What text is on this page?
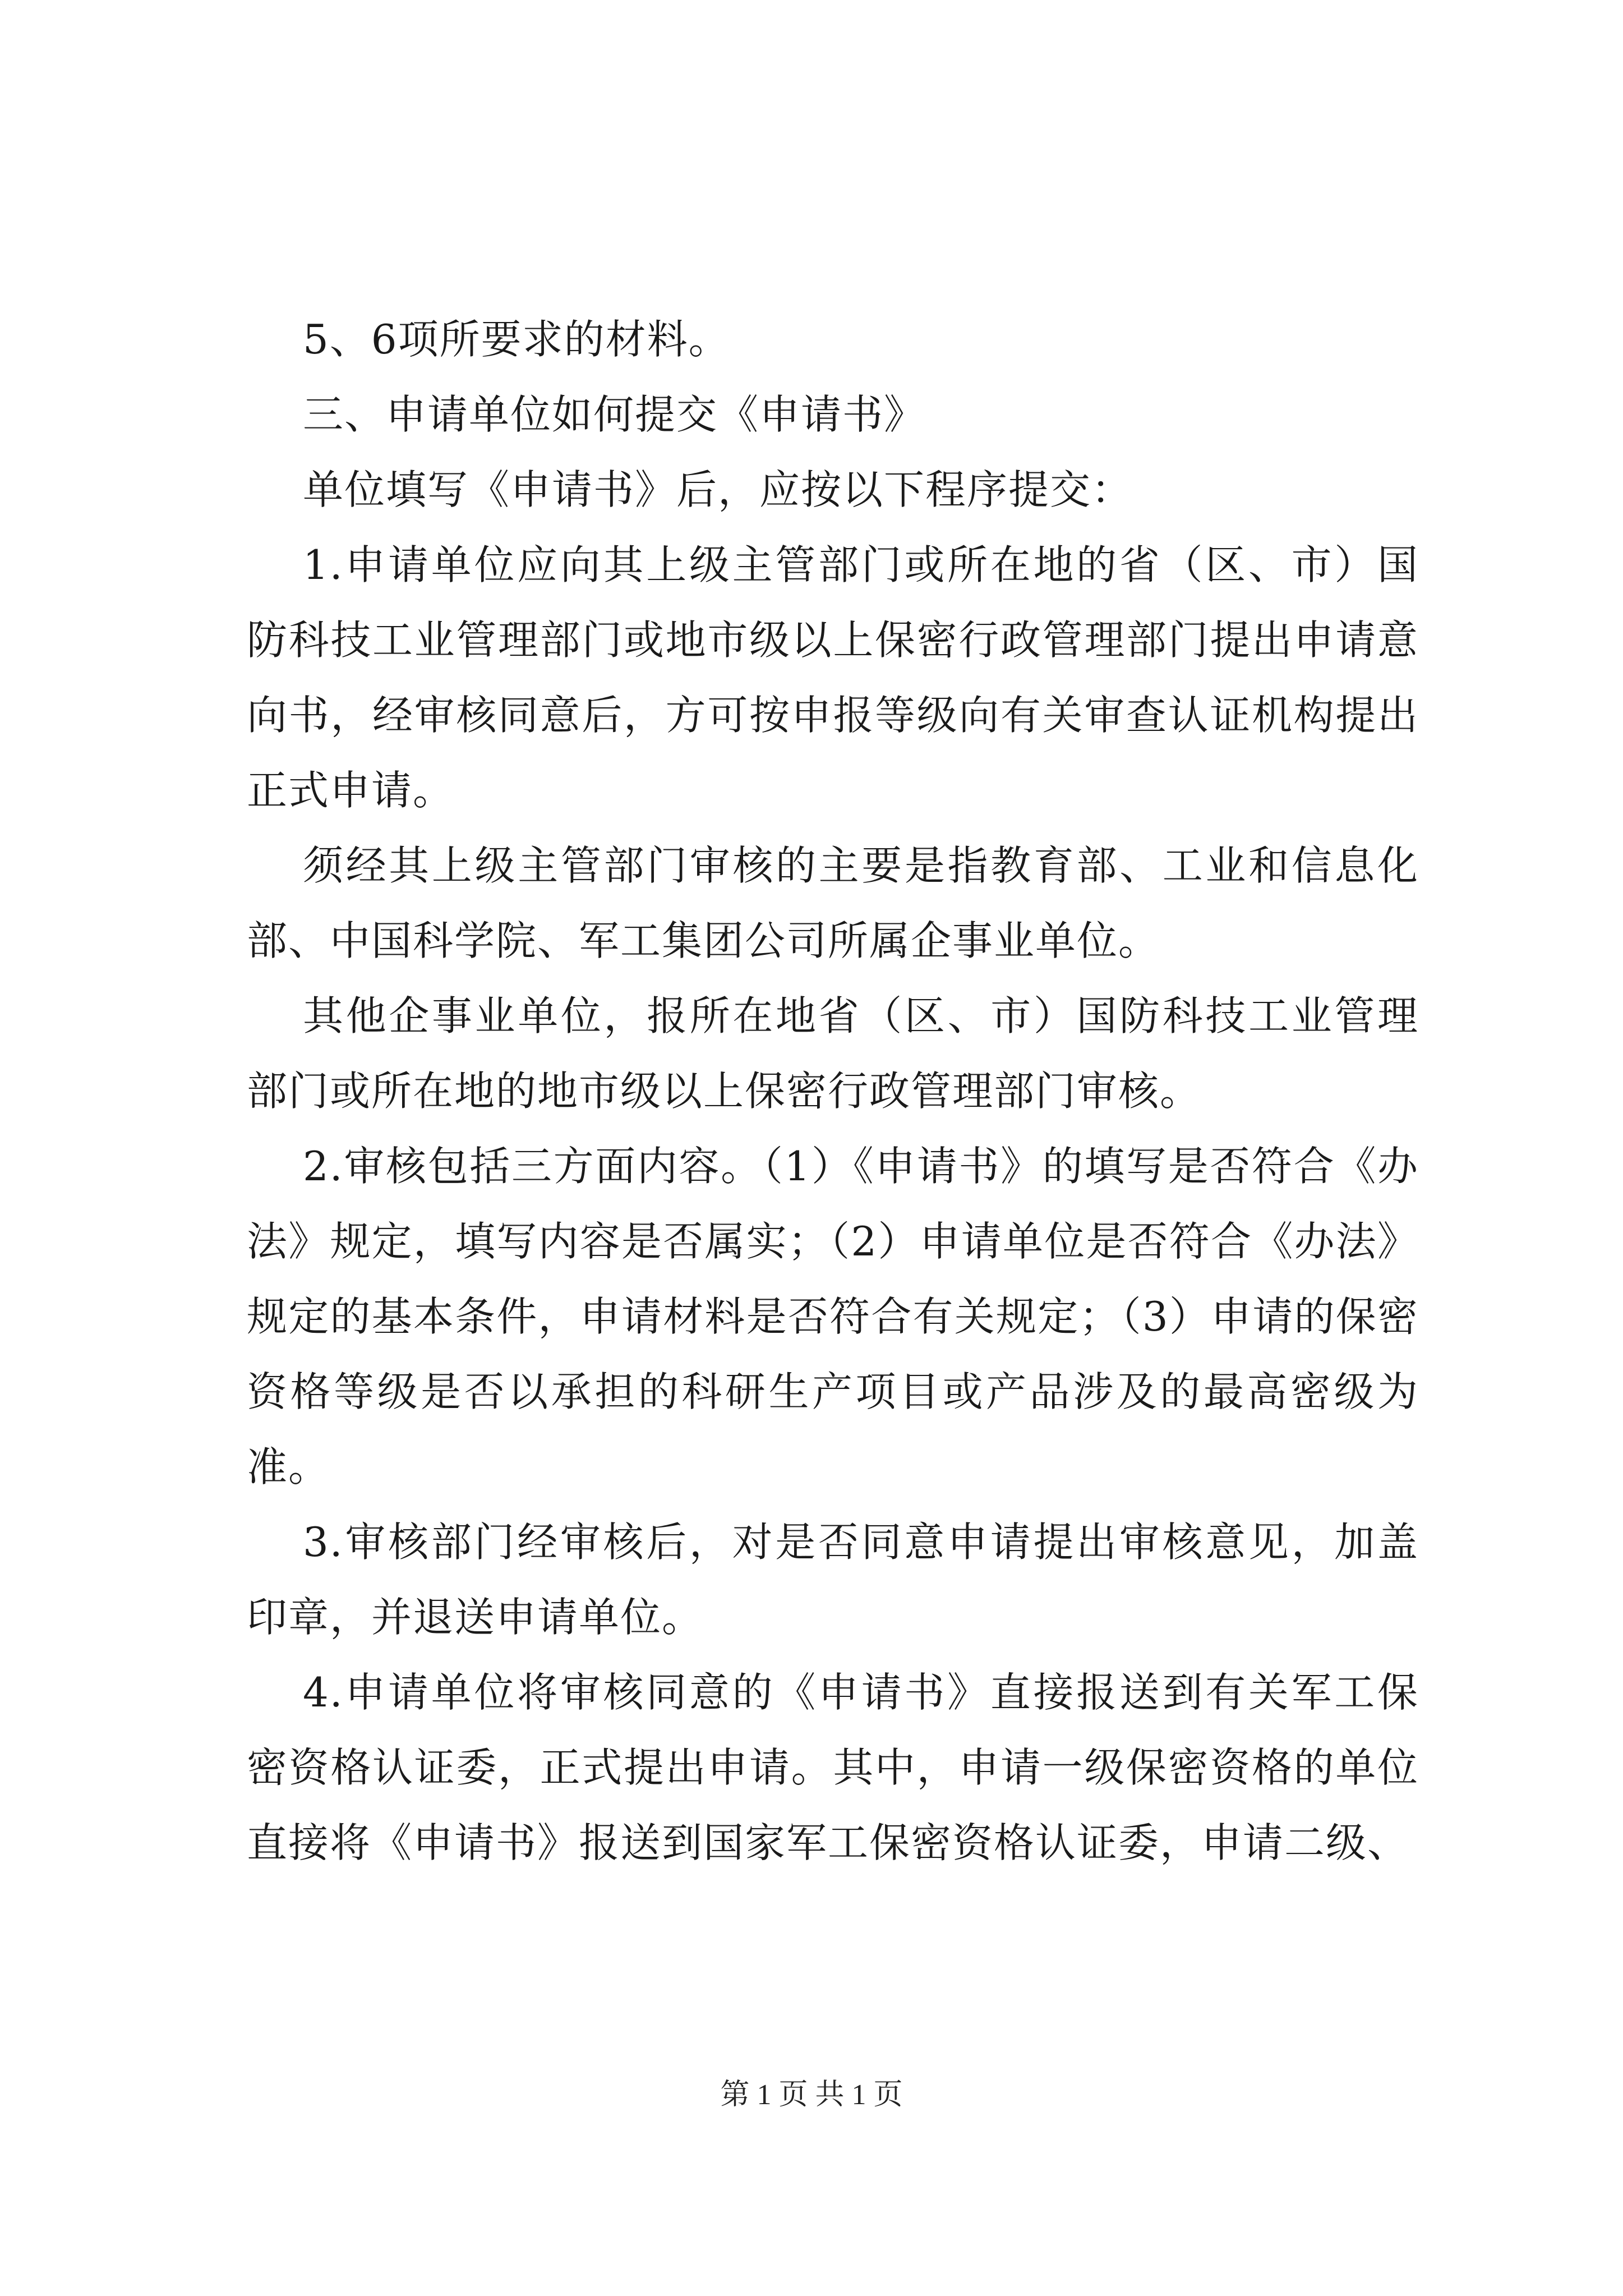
5、6项所要求的材料。

三、申请单位如何提交《申请书》

单位填写《申请书》后，应按以下程序提交：

1.申请单位应向其上级主管部门或所在地的省（区、市）国防科技工业管理部门或地市级以上保密行政管理部门提出申请意向书，经审核同意后，方可按申报等级向有关审查认证机构提出正式申请。

须经其上级主管部门审核的主要是指教育部、工业和信息化部、中国科学院、军工集团公司所属企事业单位。

其他企事业单位，报所在地省（区、市）国防科技工业管理部门或所在地的地市级以上保密行政管理部门审核。

2.审核包括三方面内容。（1）《申请书》的填写是否符合《办法》规定，填写内容是否属实；（2）申请单位是否符合《办法》规定的基本条件，申请材料是否符合有关规定；（3）申请的保密资格等级是否以承担的科研生产项目或产品涉及的最高密级为准。

3.审核部门经审核后，对是否同意申请提出审核意见，加盖印章，并退送申请单位。

4.申请单位将审核同意的《申请书》直接报送到有关军工保密资格认证委，正式提出申请。其中，申请一级保密资格的单位直接将《申请书》报送到国家军工保密资格认证委，申请二级、

第 1 页 共 1 页
